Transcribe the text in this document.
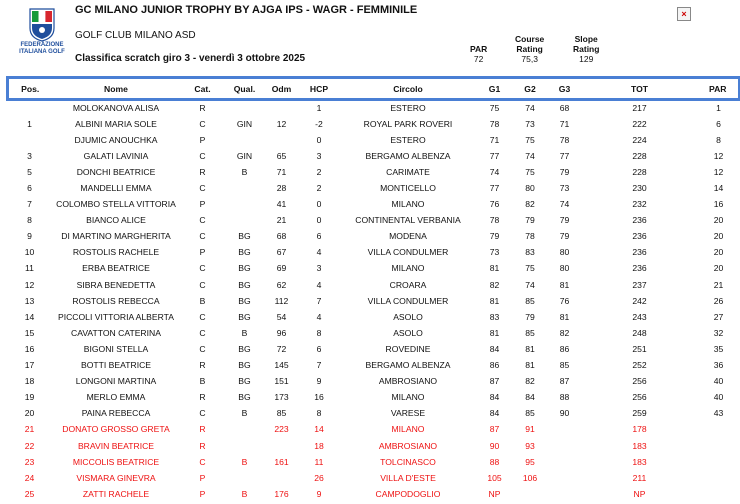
FEDERAZIONE
ITALIANA GOLF
GC MILANO JUNIOR TROPHY BY AJGA IPS - WAGR - FEMMINILE
GOLF CLUB MILANO ASD
Classifica scratch giro 3 - venerdì 3 ottobre 2025
PAR
72
Course
Rating
75,3
Slope
Rating
129
×
Pos.	Nome	Cat.	Qual.	Odm	HCP	Circolo	G1	G2	G3	TOT	PAR
	MOLOKANOVA ALISA	R			1	ESTERO	75	74	68	217	1
1	ALBINI MARIA SOLE	C	GIN	12	-2	ROYAL PARK ROVERI	78	73	71	222	6
	DJUMIC ANOUCHKA	P			0	ESTERO	71	75	78	224	8
3	GALATI LAVINIA	C	GIN	65	3	BERGAMO ALBENZA	77	74	77	228	12
5	DONCHI BEATRICE	R	B	71	2	CARIMATE	74	75	79	228	12
6	MANDELLI EMMA	C		28	2	MONTICELLO	77	80	73	230	14
7	COLOMBO STELLA VITTORIA	P		41	0	MILANO	76	82	74	232	16
8	BIANCO ALICE	C		21	0	CONTINENTAL VERBANIA	78	79	79	236	20
9	DI MARTINO MARGHERITA	C	BG	68	6	MODENA	79	78	79	236	20
10	ROSTOLIS RACHELE	P	BG	67	4	VILLA CONDULMER	73	83	80	236	20
11	ERBA BEATRICE	C	BG	69	3	MILANO	81	75	80	236	20
12	SIBRA BENEDETTA	C	BG	62	4	CROARA	82	74	81	237	21
13	ROSTOLIS REBECCA	B	BG	112	7	VILLA CONDULMER	81	85	76	242	26
14	PICCOLI VITTORIA ALBERTA	C	BG	54	4	ASOLO	83	79	81	243	27
15	CAVATTON CATERINA	C	B	96	8	ASOLO	81	85	82	248	32
16	BIGONI STELLA	C	BG	72	6	ROVEDINE	84	81	86	251	35
17	BOTTI BEATRICE	R	BG	145	7	BERGAMO ALBENZA	86	81	85	252	36
18	LONGONI MARTINA	B	BG	151	9	AMBROSIANO	87	82	87	256	40
19	MERLO EMMA	R	BG	173	16	MILANO	84	84	88	256	40
20	PAINA REBECCA	C	B	85	8	VARESE	84	85	90	259	43
21	DONATO GROSSO GRETA	R		223	14	MILANO	87	91		178	
22	BRAVIN BEATRICE	R			18	AMBROSIANO	90	93		183	
23	MICCOLIS BEATRICE	C	B	161	11	TOLCINASCO	88	95		183	
24	VISMARA GINEVRA	P			26	VILLA D'ESTE	105	106		211	
25	ZATTI RACHELE	P	B	176	9	CAMPODOGLIO	NP			NP	
